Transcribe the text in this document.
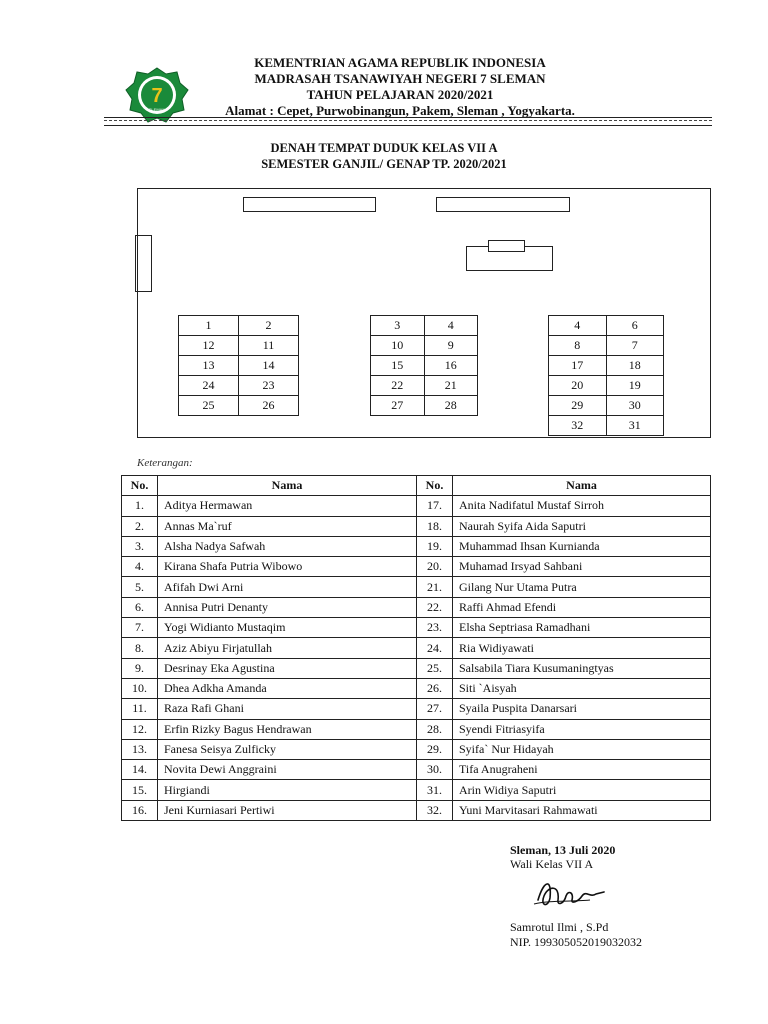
7
SLEMAN
KEMENTRIAN AGAMA REPUBLIK INDONESIA
MADRASAH TSANAWIYAH NEGERI 7 SLEMAN
TAHUN PELAJARAN 2020/2021
Alamat : Cepet, Purwobinangun, Pakem, Sleman , Yogyakarta.
DENAH TEMPAT DUDUK KELAS VII A
SEMESTER GANJIL/ GENAP TP. 2020/2021
1	2
12	11
13	14
24	23
25	26
3	4
10	9
15	16
22	21
27	28
4	6
8	7
17	18
20	19
29	30
32	31
Keterangan:
No.	Nama	No.	Nama
1.	Aditya Hermawan	17.	Anita Nadifatul Mustaf Sirroh
2.	Annas Ma`ruf	18.	Naurah Syifa Aida Saputri
3.	Alsha Nadya Safwah	19.	Muhammad Ihsan Kurnianda
4.	Kirana Shafa Putria Wibowo	20.	Muhamad Irsyad Sahbani
5.	Afifah Dwi Arni	21.	Gilang Nur Utama Putra
6.	Annisa Putri Denanty	22.	Raffi Ahmad Efendi
7.	Yogi Widianto Mustaqim	23.	Elsha Septriasa Ramadhani
8.	Aziz Abiyu Firjatullah	24.	Ria Widiyawati
9.	Desrinay Eka Agustina	25.	Salsabila Tiara Kusumaningtyas
10.	Dhea Adkha Amanda	26.	Siti `Aisyah
11.	Raza Rafi Ghani	27.	Syaila Puspita Danarsari
12.	Erfin Rizky Bagus Hendrawan	28.	Syendi Fitriasyifa
13.	Fanesa Seisya Zulficky	29.	Syifa` Nur Hidayah
14.	Novita Dewi Anggraini	30.	Tifa Anugraheni
15.	Hirgiandi	31.	Arin Widiya Saputri
16.	Jeni Kurniasari Pertiwi	32.	Yuni Marvitasari Rahmawati
Sleman, 13 Juli 2020
Wali Kelas VII A
Samrotul Ilmi , S.Pd
NIP. 199305052019032032
